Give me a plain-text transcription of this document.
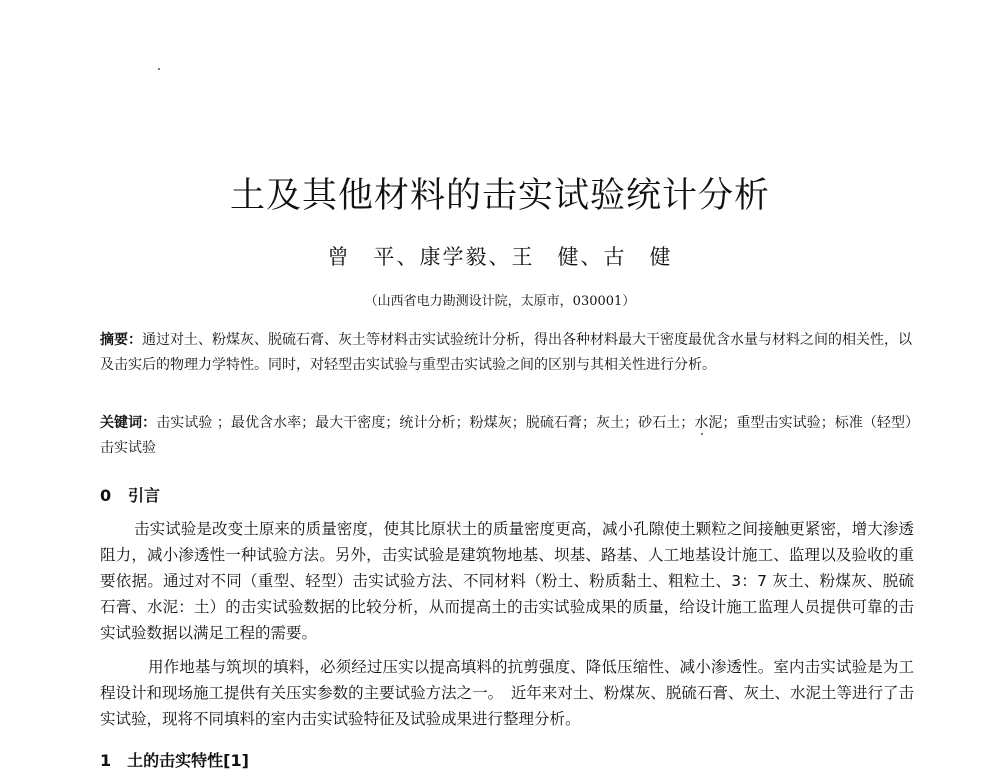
土及其他材料的击实试验统计分析
曾　平、康学毅、王　健、古　健
（山西省电力勘测设计院，太原市，030001）
摘要：通过对土、粉煤灰、脱硫石膏、灰土等材料击实试验统计分析，得出各种材料最大干密度最优含水量与材料之间的相关性，以及击实后的物理力学特性。同时，对轻型击实试验与重型击实试验之间的区别与其相关性进行分析。
关键词：击实试验 ；最优含水率；最大干密度；统计分析；粉煤灰；脱硫石膏；灰土；砂石土；水泥；重型击实试验；标准（轻型）击实试验
0 引言
击实试验是改变土原来的质量密度，使其比原状土的质量密度更高，减小孔隙使土颗粒之间接触更紧密，增大渗透阻力，减小渗透性一种试验方法。另外，击实试验是建筑物地基、坝基、路基、人工地基设计施工、监理以及验收的重要依据。通过对不同（重型、轻型）击实试验方法、不同材料（粉土、粉质黏土、粗粒土、3：7 灰土、粉煤灰、脱硫石膏、水泥：土）的击实试验数据的比较分析，从而提高土的击实试验成果的质量，给设计施工监理人员提供可靠的击实试验数据以满足工程的需要。
用作地基与筑坝的填料，必须经过压实以提高填料的抗剪强度、降低压缩性、减小渗透性。室内击实试验是为工程设计和现场施工提供有关压实参数的主要试验方法之一。　近年来对土、粉煤灰、脱硫石膏、灰土、水泥土等进行了击实试验，现将不同填料的室内击实试验特征及试验成果进行整理分析。
1　土的击实特性[1]
